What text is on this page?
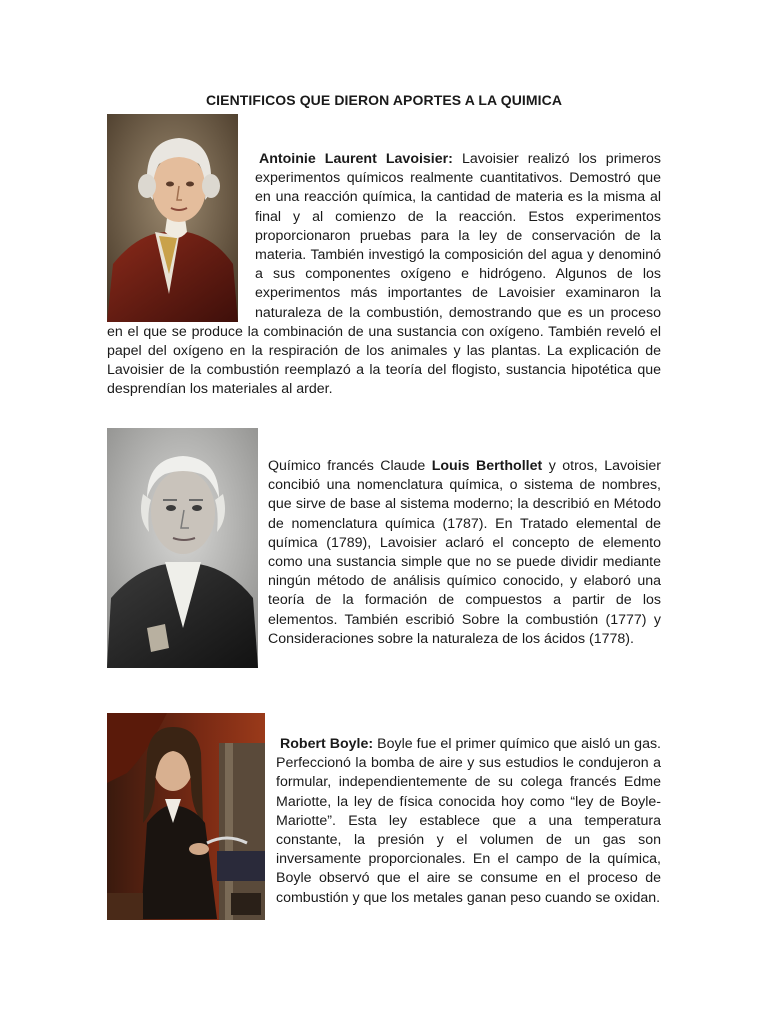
CIENTIFICOS QUE DIERON APORTES A LA QUIMICA
Antoinie Laurent Lavoisier: Lavoisier realizó los primeros experimentos químicos realmente cuantitativos. Demostró que en una reacción química, la cantidad de materia es la misma al final y al comienzo de la reacción. Estos experimentos proporcionaron pruebas para la ley de conservación de la materia. También investigó la composición del agua y denominó a sus componentes oxígeno e hidrógeno. Algunos de los experimentos más importantes de Lavoisier examinaron la naturaleza de la combustión, demostrando que es un proceso en el que se produce la combinación de una sustancia con oxígeno. También reveló el papel del oxígeno en la respiración de los animales y las plantas. La explicación de Lavoisier de la combustión reemplazó a la teoría del flogisto, sustancia hipotética que desprendían los materiales al arder.
Químico francés Claude Louis Berthollet y otros, Lavoisier concibió una nomenclatura química, o sistema de nombres, que sirve de base al sistema moderno; la describió en Método de nomenclatura química (1787). En Tratado elemental de química (1789), Lavoisier aclaró el concepto de elemento como una sustancia simple que no se puede dividir mediante ningún método de análisis químico conocido, y elaboró una teoría de la formación de compuestos a partir de los elementos. También escribió Sobre la combustión (1777) y Consideraciones sobre la naturaleza de los ácidos (1778).
Robert Boyle: Boyle fue el primer químico que aisló un gas. Perfeccionó la bomba de aire y sus estudios le condujeron a formular, independientemente de su colega francés Edme Mariotte, la ley de física conocida hoy como “ley de Boyle-Mariotte”. Esta ley establece que a una temperatura constante, la presión y el volumen de un gas son inversamente proporcionales. En el campo de la química, Boyle observó que el aire se consume en el proceso de combustión y que los metales ganan peso cuando se oxidan.
